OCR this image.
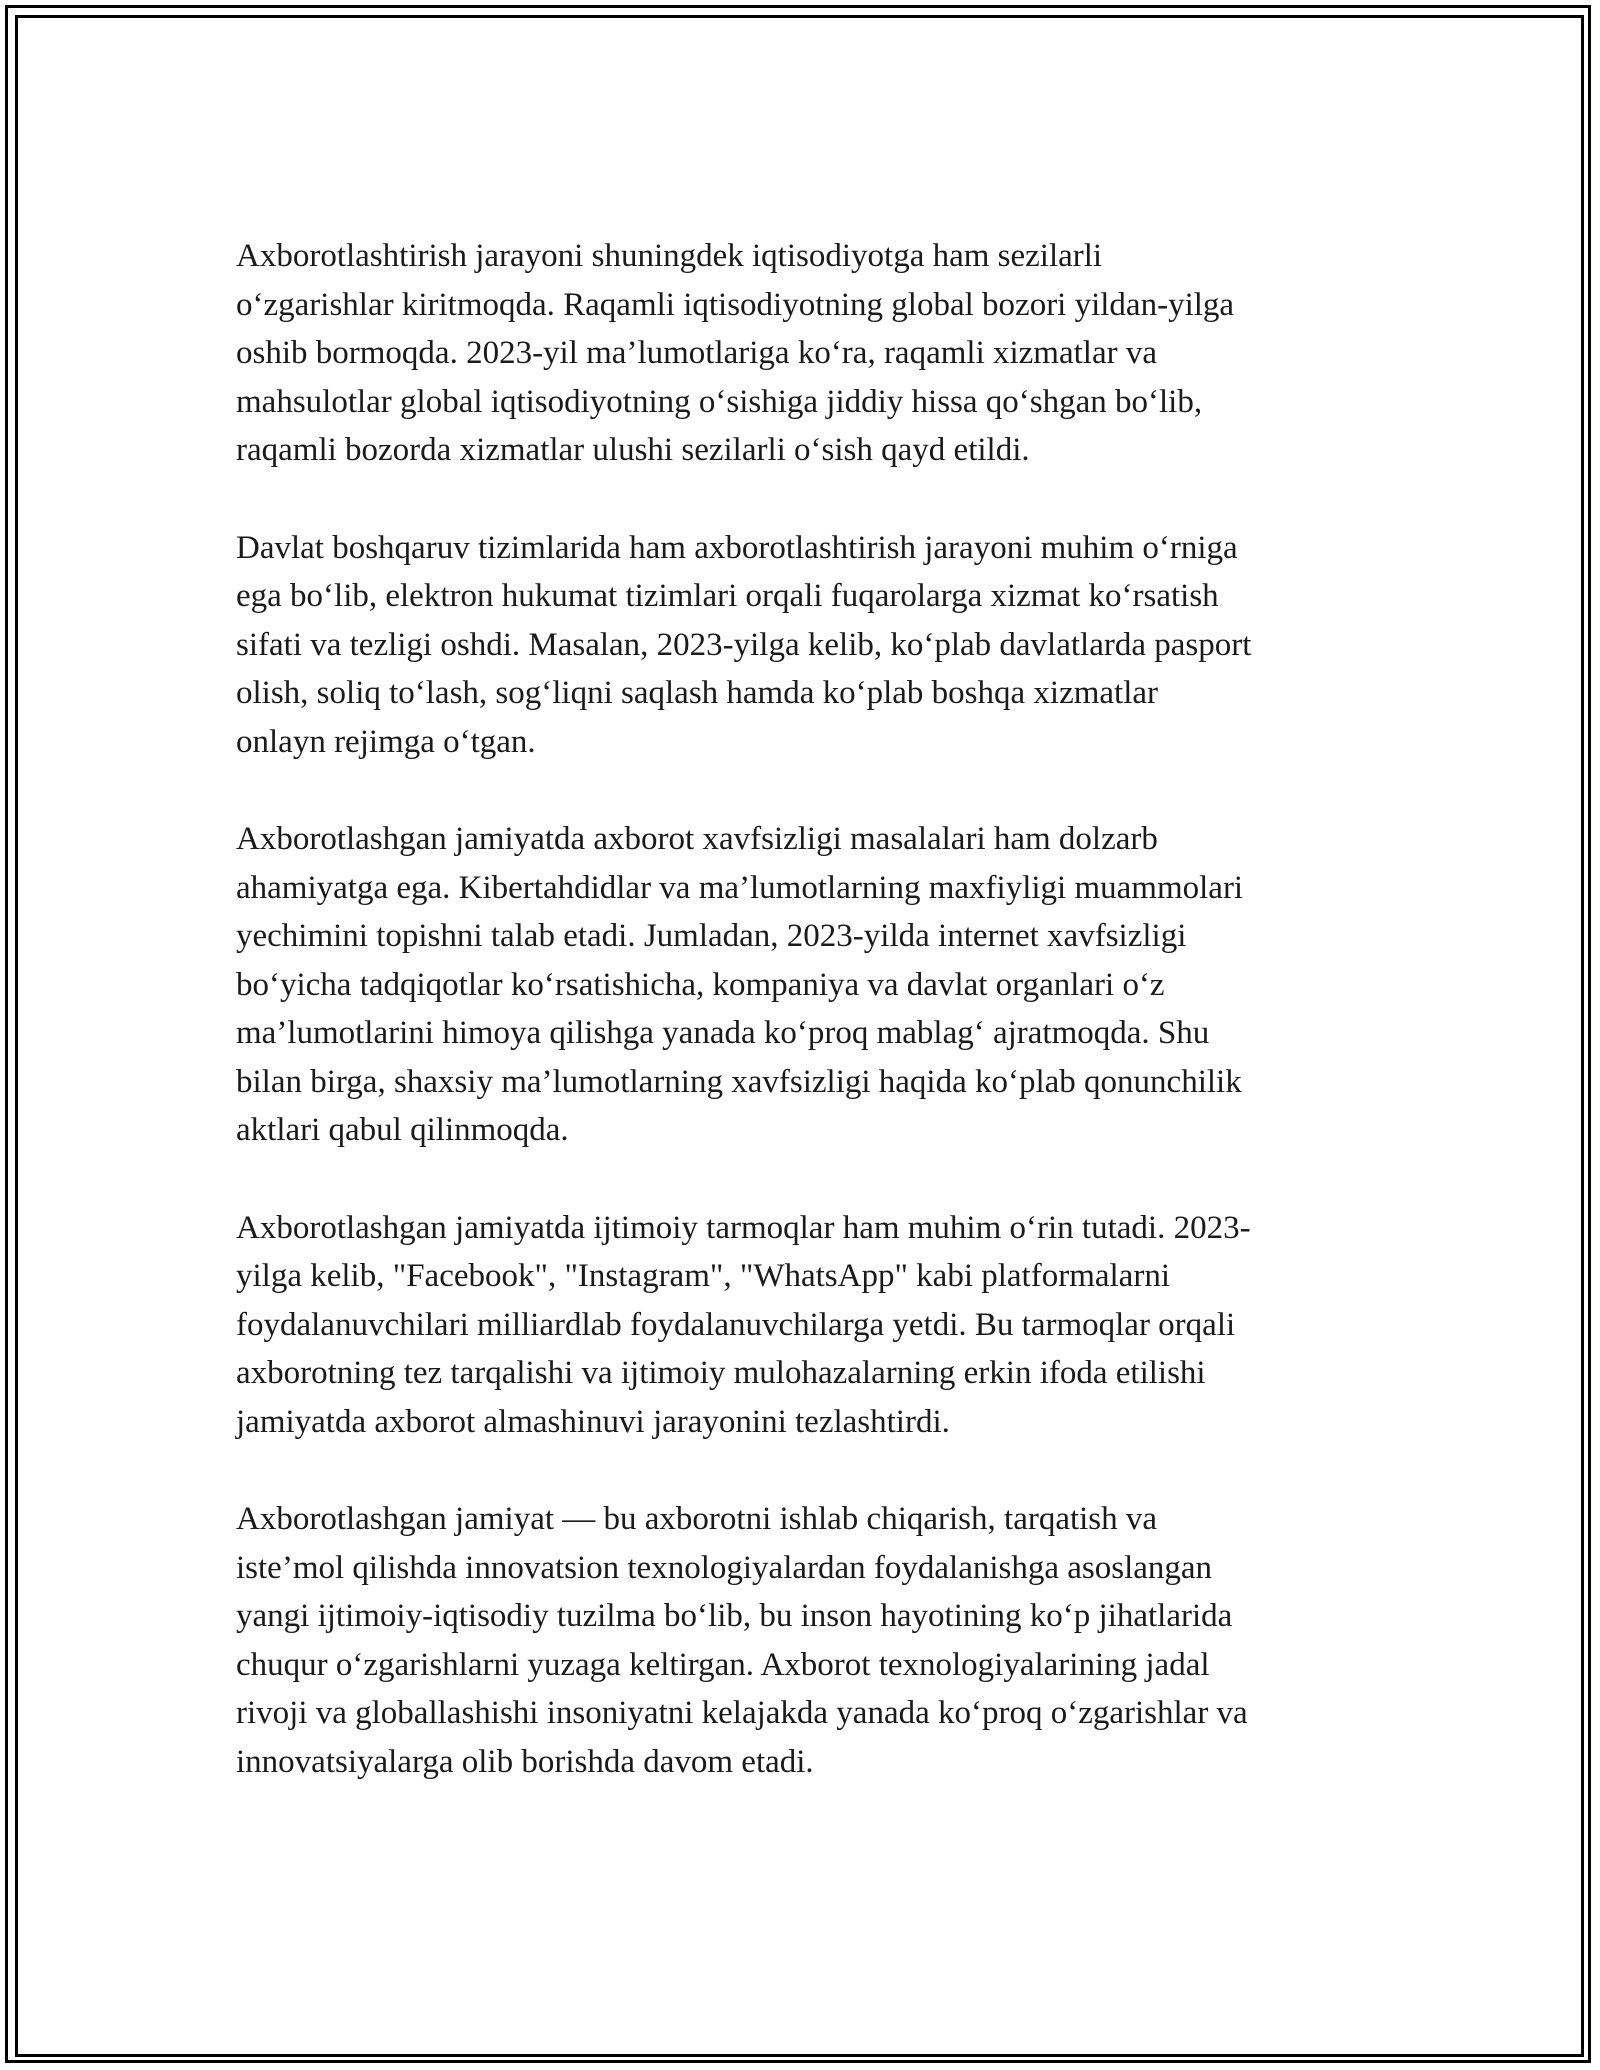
Axborotlashtirish jarayoni shuningdek iqtisodiyotga ham sezilarli
o‘zgarishlar kiritmoqda. Raqamli iqtisodiyotning global bozori yildan-yilga
oshib bormoqda. 2023-yil ma’lumotlariga ko‘ra, raqamli xizmatlar va
mahsulotlar global iqtisodiyotning o‘sishiga jiddiy hissa qo‘shgan bo‘lib,
raqamli bozorda xizmatlar ulushi sezilarli o‘sish qayd etildi.

Davlat boshqaruv tizimlarida ham axborotlashtirish jarayoni muhim o‘rniga
ega bo‘lib, elektron hukumat tizimlari orqali fuqarolarga xizmat ko‘rsatish
sifati va tezligi oshdi. Masalan, 2023-yilga kelib, ko‘plab davlatlarda pasport
olish, soliq to‘lash, sog‘liqni saqlash hamda ko‘plab boshqa xizmatlar
onlayn rejimga o‘tgan.

Axborotlashgan jamiyatda axborot xavfsizligi masalalari ham dolzarb
ahamiyatga ega. Kibertahdidlar va ma’lumotlarning maxfiyligi muammolari
yechimini topishni talab etadi. Jumladan, 2023-yilda internet xavfsizligi
bo‘yicha tadqiqotlar ko‘rsatishicha, kompaniya va davlat organlari o‘z
ma’lumotlarini himoya qilishga yanada ko‘proq mablag‘ ajratmoqda. Shu
bilan birga, shaxsiy ma’lumotlarning xavfsizligi haqida ko‘plab qonunchilik
aktlari qabul qilinmoqda.

Axborotlashgan jamiyatda ijtimoiy tarmoqlar ham muhim o‘rin tutadi. 2023-
yilga kelib, "Facebook", "Instagram", "WhatsApp" kabi platformalarni
foydalanuvchilari milliardlab foydalanuvchilarga yetdi. Bu tarmoqlar orqali
axborotning tez tarqalishi va ijtimoiy mulohazalarning erkin ifoda etilishi
jamiyatda axborot almashinuvi jarayonini tezlashtirdi.

Axborotlashgan jamiyat — bu axborotni ishlab chiqarish, tarqatish va
iste’mol qilishda innovatsion texnologiyalardan foydalanishga asoslangan
yangi ijtimoiy-iqtisodiy tuzilma bo‘lib, bu inson hayotining ko‘p jihatlarida
chuqur o‘zgarishlarni yuzaga keltirgan. Axborot texnologiyalarining jadal
rivoji va globallashishi insoniyatni kelajakda yanada ko‘proq o‘zgarishlar va
innovatsiyalarga olib borishda davom etadi.
